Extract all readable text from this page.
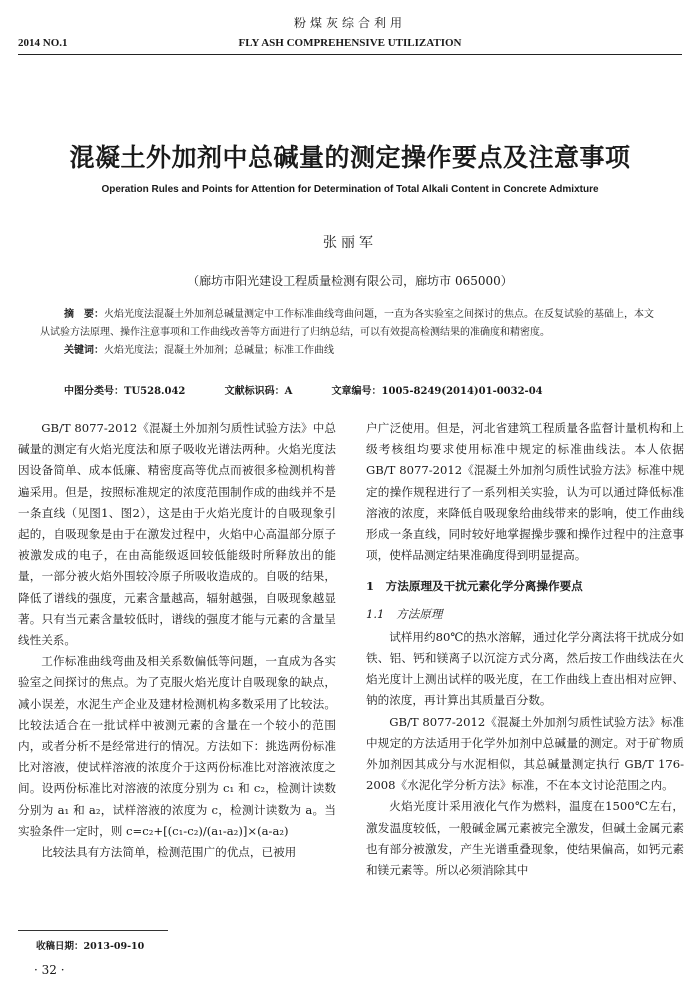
粉煤灰综合利用
2014 NO.1	FLY ASH COMPREHENSIVE UTILIZATION
混凝土外加剂中总碱量的测定操作要点及注意事项
Operation Rules and Points for Attention for Determination of Total Alkali Content in Concrete Admixture
张丽军
（廊坊市阳光建设工程质量检测有限公司，廊坊市 065000）
摘　要：火焰光度法混凝土外加剂总碱量测定中工作标准曲线弯曲问题，一直为各实验室之间探讨的焦点。在反复试验的基础上，本文从试验方法原理、操作注意事项和工作曲线改善等方面进行了归纳总结，可以有效提高检测结果的准确度和精密度。
关键词：火焰光度法；混凝土外加剂；总碱量；标准工作曲线
中图分类号：TU528.042	文献标识码：A	文章编号：1005-8249(2014)01-0032-04

GB/T 8077-2012《混凝土外加剂匀质性试验方法》中总碱量的测定有火焰光度法和原子吸收光谱法两种。火焰光度法因设备简单、成本低廉、精密度高等优点而被很多检测机构普遍采用。但是，按照标准规定的浓度范围制作成的曲线并不是一条直线（见图1、图2），这是由于火焰光度计的自吸现象引起的，自吸现象是由于在激发过程中，火焰中心高温部分原子被激发成的电子，在由高能级返回较低能级时所释放出的能量，一部分被火焰外围较冷原子所吸收造成的。自吸的结果，降低了谱线的强度，元素含量越高，辐射越强，自吸现象越显著。只有当元素含量较低时，谱线的强度才能与元素的含量呈线性关系。

工作标准曲线弯曲及相关系数偏低等问题，一直成为各实验室之间探讨的焦点。为了克服火焰光度计自吸现象的缺点，减小误差，水泥生产企业及建材检测机构多数采用了比较法。比较法适合在一批试样中被测元素的含量在一个较小的范围内，或者分析不是经常进行的情况。方法如下：挑选两份标准比对溶液，使试样溶液的浓度介于这两份标准比对溶液浓度之间。设两份标准比对溶液的浓度分别为 c₁ 和 c₂，检测计读数分别为 a₁ 和 a₂，试样溶液的浓度为 c，检测计读数为 a。当实验条件一定时，则 c=c₂+[(c₁-c₂)/(a₁-a₂)]×(a-a₂)

比较法具有方法简单，检测范围广的优点，已被用

户广泛使用。但是，河北省建筑工程质量各监督计量机构和上级考核组均要求使用标准中规定的标准曲线法。本人依据 GB/T 8077-2012《混凝土外加剂匀质性试验方法》标准中规定的操作规程进行了一系列相关实验，认为可以通过降低标准溶液的浓度，来降低自吸现象给曲线带来的影响，使工作曲线形成一条直线，同时较好地掌握操步骤和操作过程中的注意事项，使样品测定结果准确度得到明显提高。

1　方法原理及干扰元素化学分离操作要点

1.1　方法原理

试样用约80℃的热水溶解，通过化学分离法将干扰成分如铁、铝、钙和镁离子以沉淀方式分离，然后按工作曲线法在火焰光度计上测出试样的吸光度，在工作曲线上查出相对应钾、钠的浓度，再计算出其质量百分数。

GB/T 8077-2012《混凝土外加剂匀质性试验方法》标准中规定的方法适用于化学外加剂中总碱量的测定。对于矿物质外加剂因其成分与水泥相似，其总碱量测定执行 GB/T 176-2008《水泥化学分析方法》标准，不在本文讨论范围之内。

火焰光度计采用液化气作为燃料，温度在1500℃左右，激发温度较低，一般碱金属元素被完全激发，但碱土金属元素也有部分被激发，产生光谱重叠现象，使结果偏高，如钙元素和镁元素等。所以必须消除其中

收稿日期：2013-09-10
· 32 ·
